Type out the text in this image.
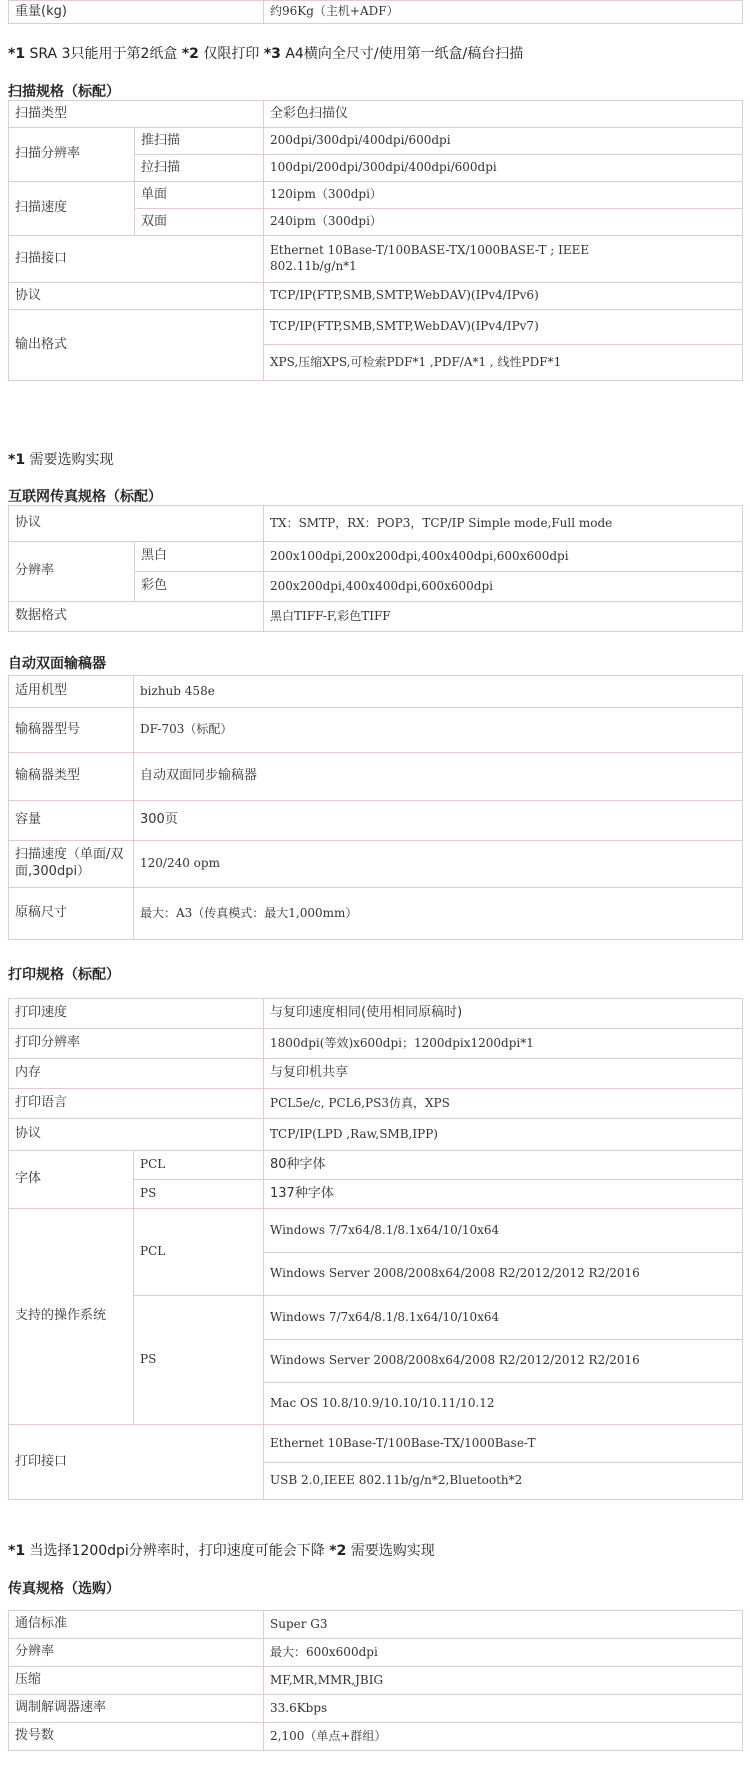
重量(kg)	约96Kg（主机+ADF）
*1 SRA 3只能用于第2纸盒 *2 仅限打印 *3 A4横向全尺寸/使用第一纸盒/稿台扫描
扫描规格（标配）
扫描类型		全彩色扫描仪
扫描分辨率	推扫描	200dpi/300dpi/400dpi/600dpi
	拉扫描	100dpi/200dpi/300dpi/400dpi/600dpi
扫描速度	单面	120ipm（300dpi）
	双面	240ipm（300dpi）
扫描接口		Ethernet 10Base-T/100BASE-TX/1000BASE-T ; IEEE
802.11b/g/n*1

协议		TCP/IP(FTP,SMB,SMTP,WebDAV)(IPv4/IPv6)
输出格式		TCP/IP(FTP,SMB,SMTP,WebDAV)(IPv4/IPv7)
		XPS,压缩XPS,可检索PDF*1 ,PDF/A*1 , 线性PDF*1
*1 需要选购实现
互联网传真规格（标配）
协议		TX：SMTP，RX：POP3，TCP/IP Simple mode,Full mode
分辨率	黑白	200x100dpi,200x200dpi,400x400dpi,600x600dpi
	彩色	200x200dpi,400x400dpi,600x600dpi
数据格式		黑白TIFF-F,彩色TIFF
自动双面输稿器
适用机型	bizhub 458e
输稿器型号	DF-703（标配）
输稿器类型	自动双面同步输稿器
容量	300页

扫描速度（单面/双
面,300dpi）	120/240 opm
原稿尺寸	最大：A3（传真模式：最大1,000mm）
打印规格（标配）
打印速度		与复印速度相同(使用相同原稿时)
打印分辨率		1800dpi(等效)x600dpi；1200dpix1200dpi*1
内存		与复印机共享
打印语言		PCL5e/c, PCL6,PS3仿真，XPS
协议		TCP/IP(LPD ,Raw,SMB,IPP)
字体	PCL	80种字体
	PS	137种字体
支持的操作系统	PCL	Windows 7/7x64/8.1/8.1x64/10/10x64
		Windows Server 2008/2008x64/2008 R2/2012/2012 R2/2016
	PS	Windows 7/7x64/8.1/8.1x64/10/10x64
		Windows Server 2008/2008x64/2008 R2/2012/2012 R2/2016
		Mac OS 10.8/10.9/10.10/10.11/10.12
打印接口		Ethernet 10Base-T/100Base-TX/1000Base-T
		USB 2.0,IEEE 802.11b/g/n*2,Bluetooth*2
*1 当选择1200dpi分辨率时，打印速度可能会下降 *2 需要选购实现
传真规格（选购）
通信标准	Super G3
分辨率	最大：600x600dpi
压缩	MF,MR,MMR,JBIG
调制解调器速率	33.6Kbps
拨号数	2,100（单点+群组）
